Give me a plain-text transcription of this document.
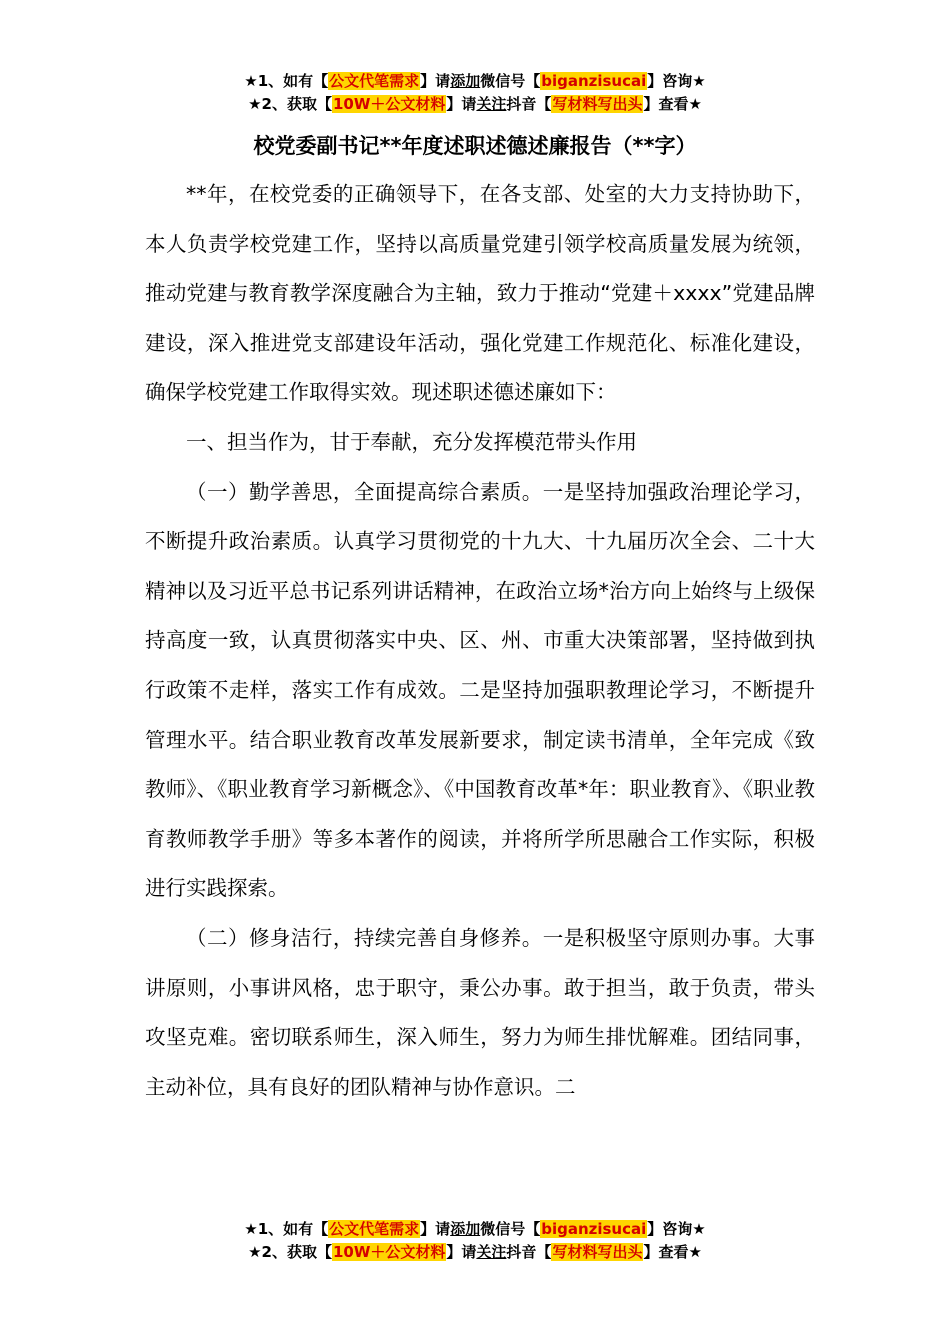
★1、如有【公文代笔需求】请添加微信号【biganzisucai】咨询★
★2、获取【10W＋公文材料】请关注抖音【写材料写出头】查看★
校党委副书记**年度述职述德述廉报告（**字）

**年，在校党委的正确领导下，在各支部、处室的大力支持协助下，本人负责学校党建工作，坚持以高质量党建引领学校高质量发展为统领，推动党建与教育教学深度融合为主轴，致力于推动“党建＋xxxx”党建品牌建设，深入推进党支部建设年活动，强化党建工作规范化、标准化建设，确保学校党建工作取得实效。现述职述德述廉如下：

一、担当作为，甘于奉献，充分发挥模范带头作用

（一）勤学善思，全面提高综合素质。一是坚持加强政治理论学习，不断提升政治素质。认真学习贯彻党的十九大、十九届历次全会、二十大精神以及习近平总书记系列讲话精神，在政治立场*治方向上始终与上级保持高度一致，认真贯彻落实中央、区、州、市重大决策部署，坚持做到执行政策不走样，落实工作有成效。二是坚持加强职教理论学习，不断提升管理水平。结合职业教育改革发展新要求，制定读书清单，全年完成《致教师》、《职业教育学习新概念》、《中国教育改革*年：职业教育》、《职业教育教师教学手册》等多本著作的阅读，并将所学所思融合工作实际，积极进行实践探索。

（二）修身洁行，持续完善自身修养。一是积极坚守原则办事。大事讲原则，小事讲风格，忠于职守，秉公办事。敢于担当，敢于负责，带头攻坚克难。密切联系师生，深入师生，努力为师生排忧解难。团结同事，主动补位，具有良好的团队精神与协作意识。二

★1、如有【公文代笔需求】请添加微信号【biganzisucai】咨询★
★2、获取【10W＋公文材料】请关注抖音【写材料写出头】查看★
